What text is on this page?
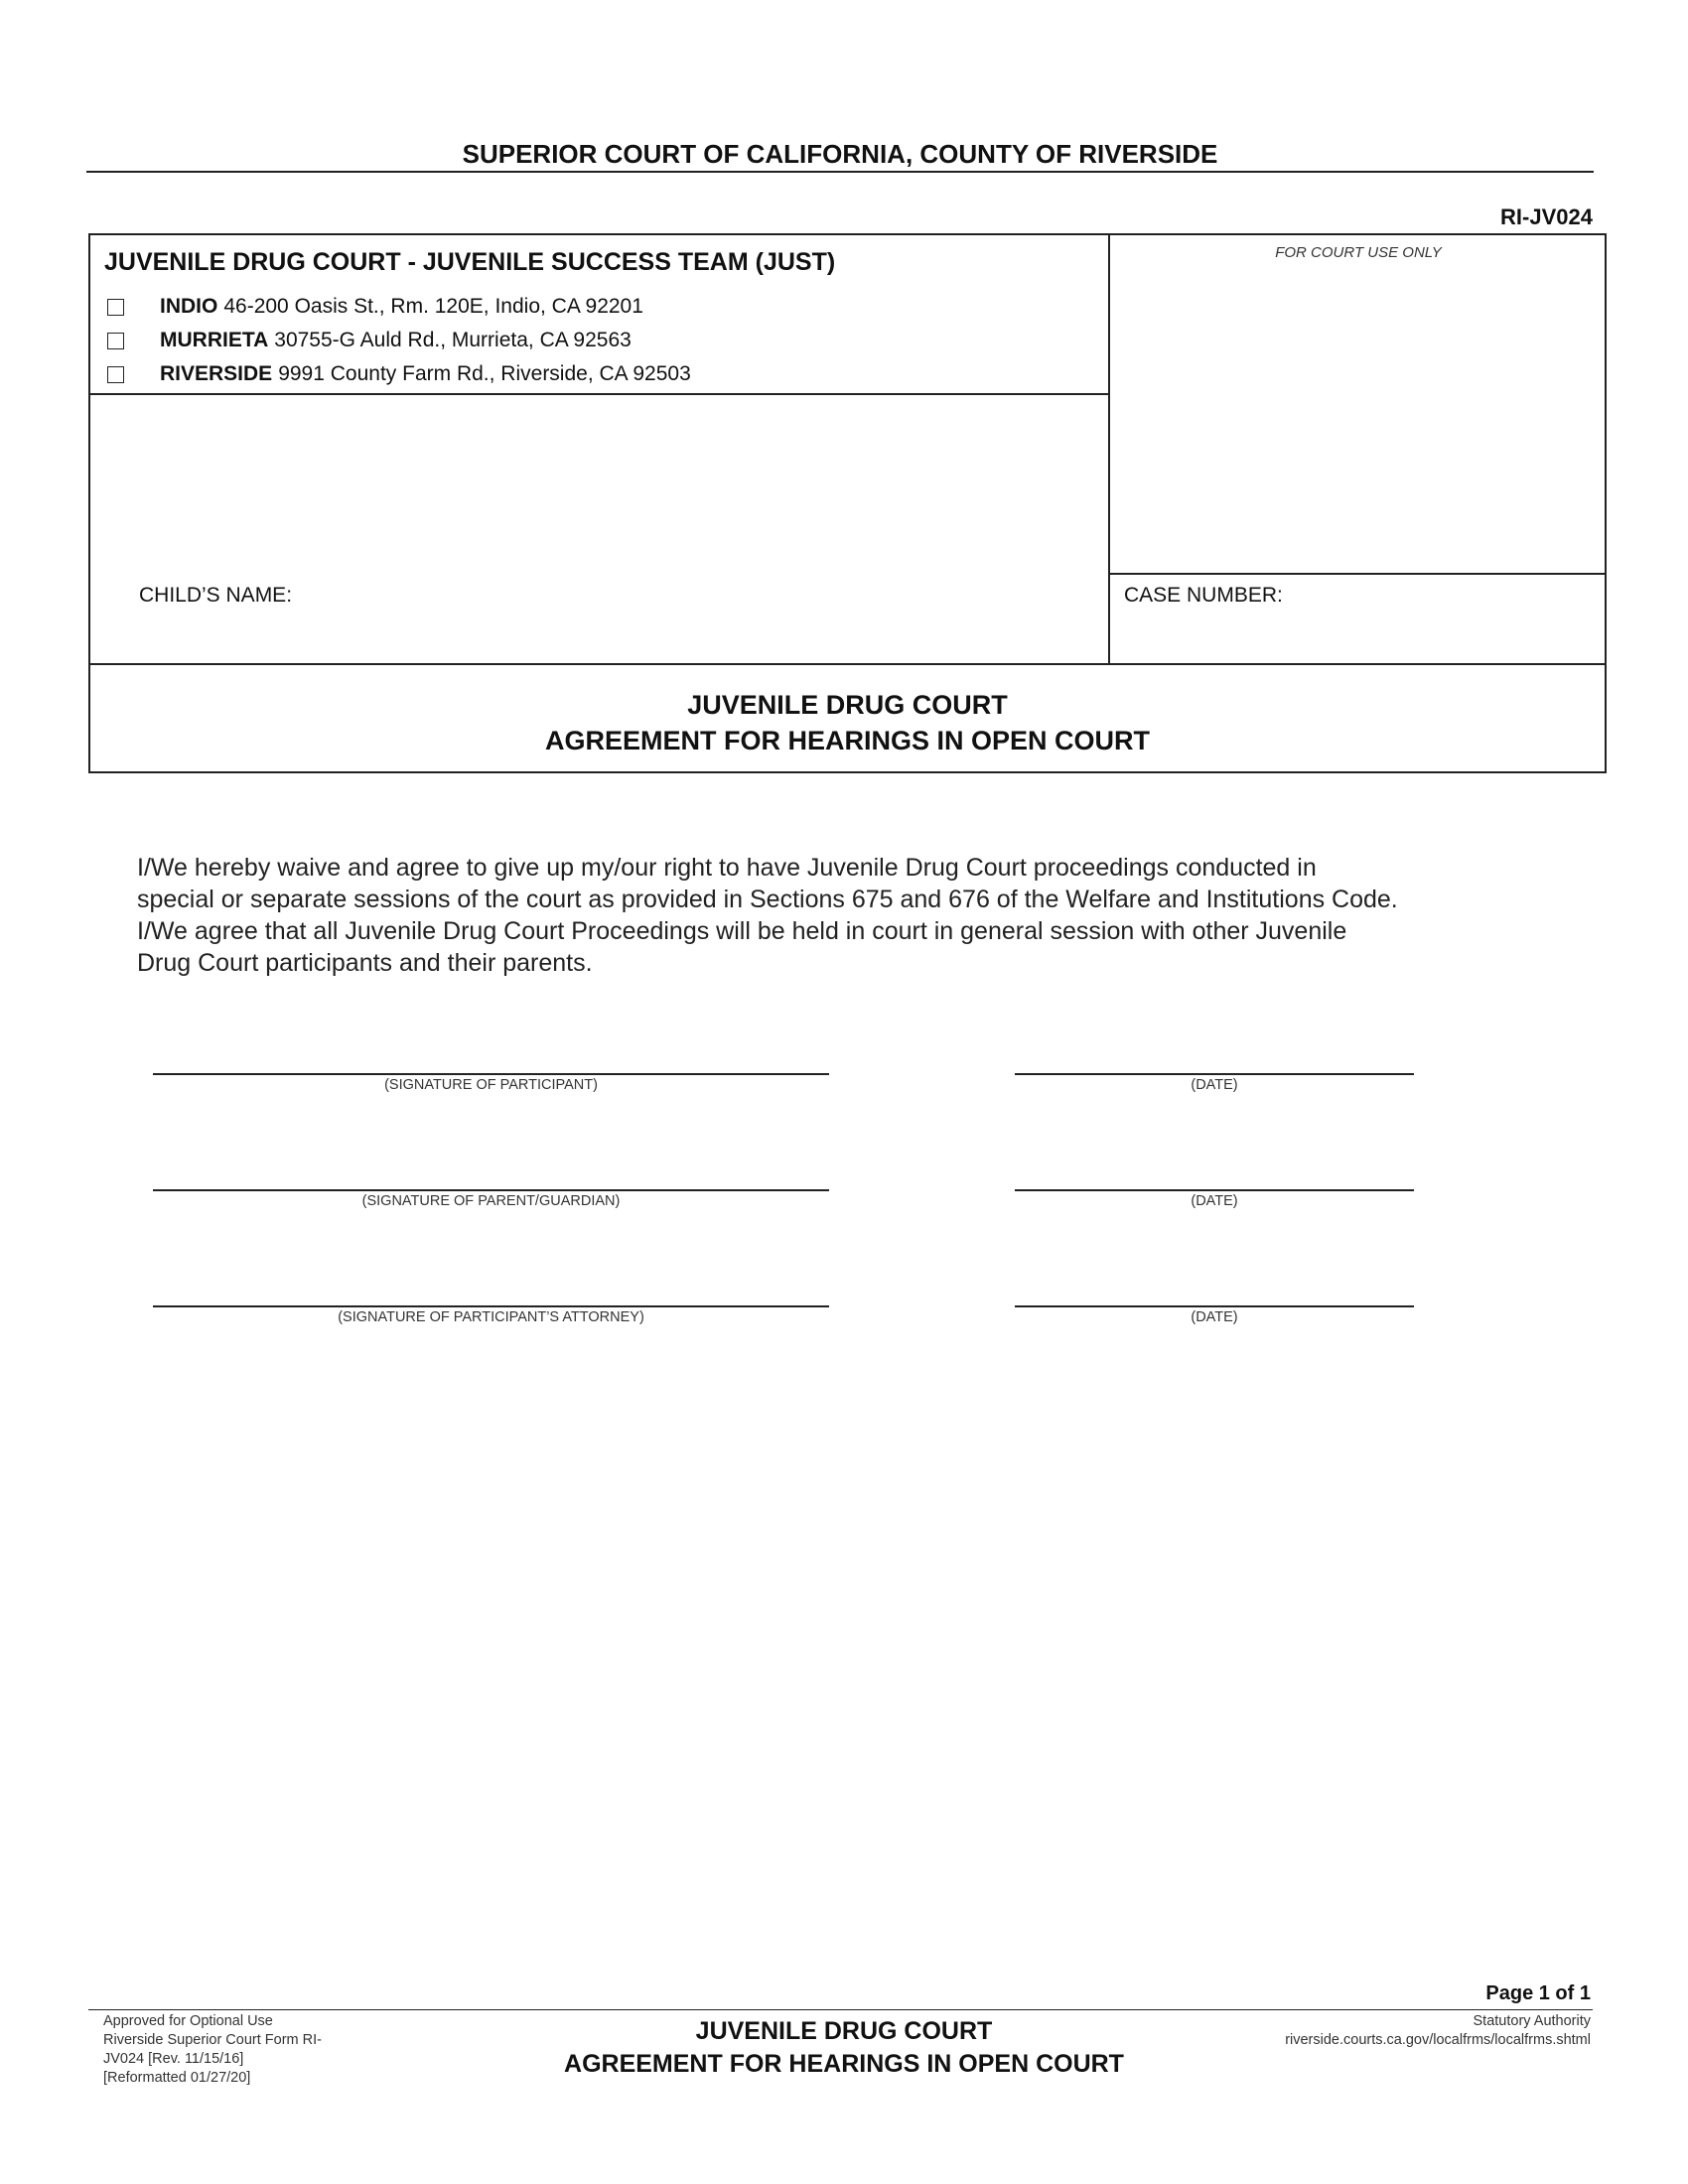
SUPERIOR COURT OF CALIFORNIA, COUNTY OF RIVERSIDE
RI-JV024
JUVENILE DRUG COURT - JUVENILE SUCCESS TEAM (JUST)
INDIO 46-200 Oasis St., Rm. 120E, Indio, CA 92201
MURRIETA 30755-G Auld Rd., Murrieta, CA 92563
RIVERSIDE 9991 County Farm Rd., Riverside, CA 92503
FOR COURT USE ONLY
CHILD’S NAME:	CASE NUMBER:
JUVENILE DRUG COURT
AGREEMENT FOR HEARINGS IN OPEN COURT
I/We hereby waive and agree to give up my/our right to have Juvenile Drug Court proceedings conducted in
special or separate sessions of the court as provided in Sections 675 and 676 of the Welfare and Institutions Code.
I/We agree that all Juvenile Drug Court Proceedings will be held in court in general session with other Juvenile
Drug Court participants and their parents.
(SIGNATURE OF PARTICIPANT)	(DATE)
(SIGNATURE OF PARENT/GUARDIAN)	(DATE)
(SIGNATURE OF PARTICIPANT’S ATTORNEY)	(DATE)
Page 1 of 1
Approved for Optional Use
Riverside Superior Court Form RI-
JV024 [Rev. 11/15/16]
[Reformatted 01/27/20]
JUVENILE DRUG COURT
AGREEMENT FOR HEARINGS IN OPEN COURT
Statutory Authority
riverside.courts.ca.gov/localfrms/localfrms.shtml
